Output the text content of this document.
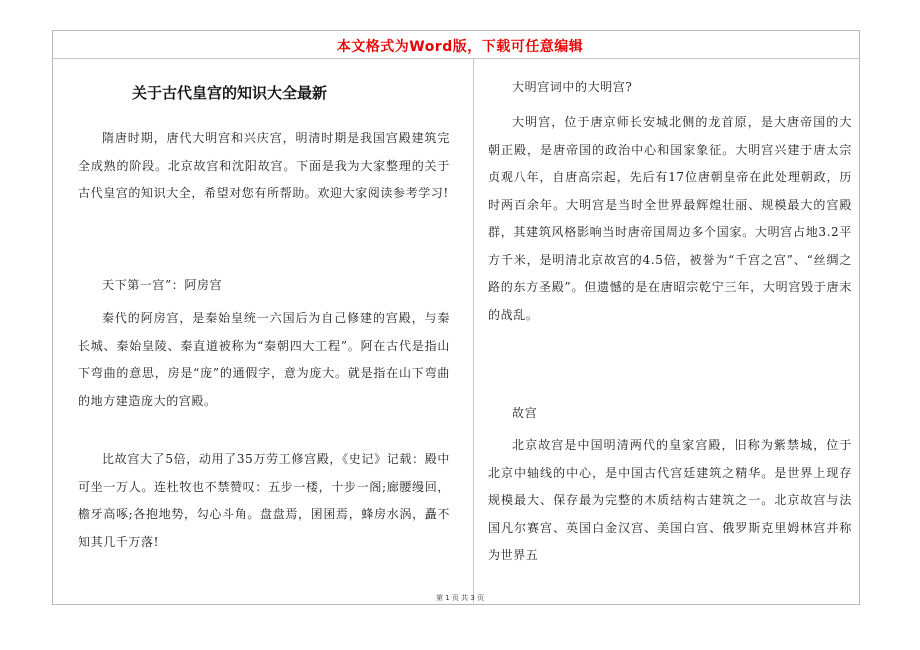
本文格式为Word版，下载可任意编辑
关于古代皇宫的知识大全最新

隋唐时期，唐代大明宫和兴庆宫，明清时期是我国宫殿建筑完全成熟的阶段。北京故宫和沈阳故宫。下面是我为大家整理的关于古代皇宫的知识大全，希望对您有所帮助。欢迎大家阅读参考学习!

天下第一宫”：阿房宫

秦代的阿房宫，是秦始皇统一六国后为自己修建的宫殿，与秦长城、秦始皇陵、秦直道被称为“秦朝四大工程”。阿在古代是指山下弯曲的意思，房是“庞”的通假字，意为庞大。就是指在山下弯曲的地方建造庞大的宫殿。

比故宫大了5倍，动用了35万劳工修宫殿，《史记》记载：殿中可坐一万人。连杜牧也不禁赞叹：五步一楼，十步一阁;廊腰缦回，檐牙高啄;各抱地势，勾心斗角。盘盘焉，囷囷焉，蜂房水涡，矗不知其几千万落!

大明宫词中的大明宫?

大明宫，位于唐京师长安城北侧的龙首原，是大唐帝国的大朝正殿，是唐帝国的政治中心和国家象征。大明宫兴建于唐太宗贞观八年，自唐高宗起，先后有17位唐朝皇帝在此处理朝政，历时两百余年。大明宫是当时全世界最辉煌壮丽、规模最大的宫殿群，其建筑风格影响当时唐帝国周边多个国家。大明宫占地3.2平方千米，是明清北京故宫的4.5倍，被誉为“千宫之宫”、“丝绸之路的东方圣殿”。但遗憾的是在唐昭宗乾宁三年，大明宫毁于唐末的战乱。

故宫

北京故宫是中国明清两代的皇家宫殿，旧称为紫禁城，位于北京中轴线的中心，是中国古代宫廷建筑之精华。是世界上现存规模最大、保存最为完整的木质结构古建筑之一。北京故宫与法国凡尔赛宫、英国白金汉宫、美国白宫、俄罗斯克里姆林宫并称为世界五

第 1 页 共 3 页
